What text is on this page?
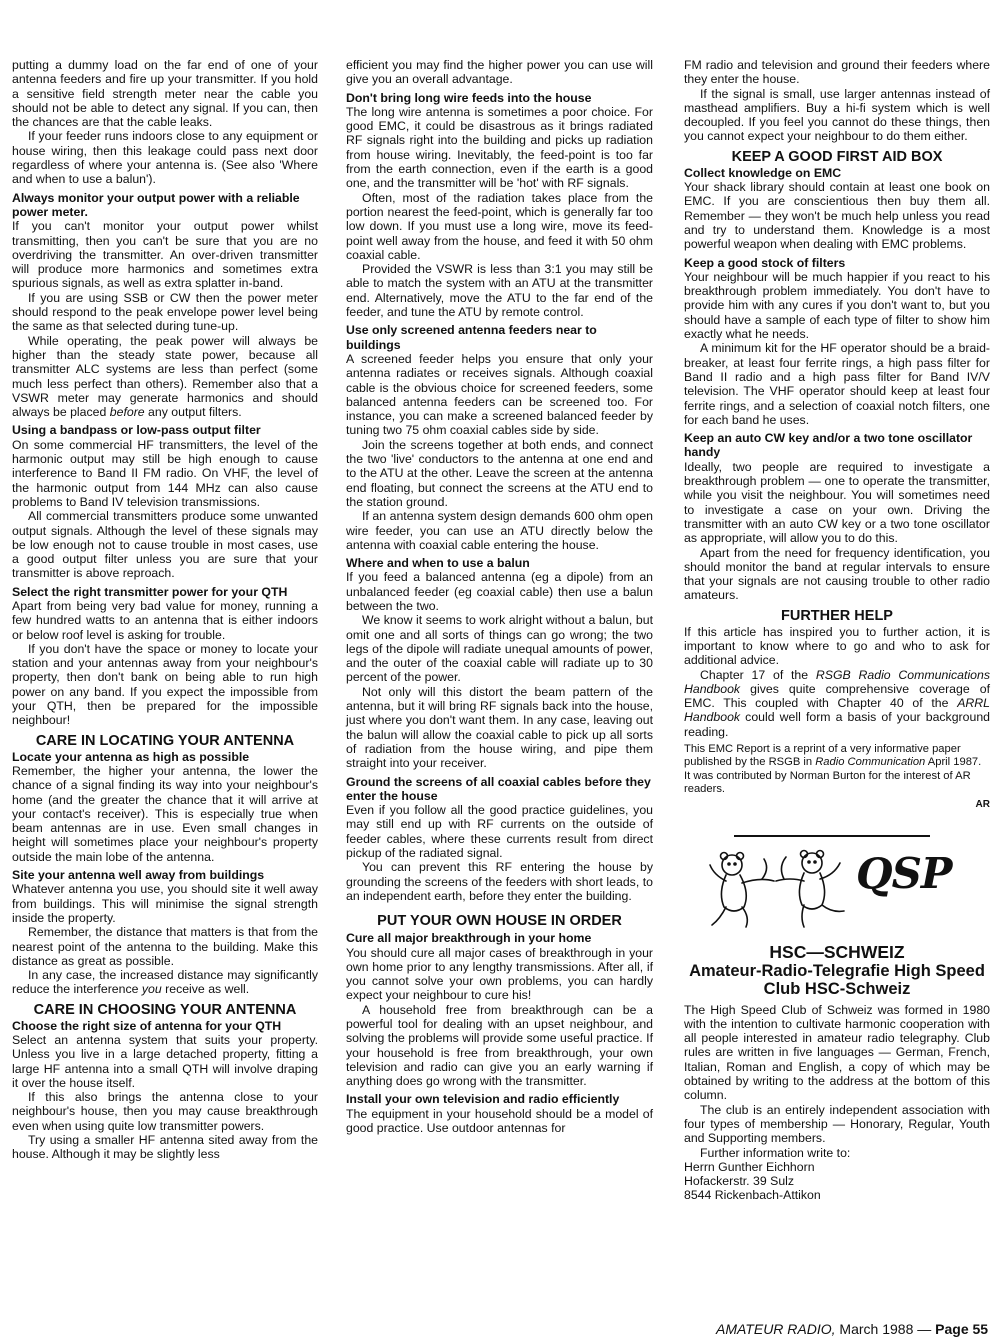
putting a dummy load on the far end of one of your antenna feeders and fire up your transmitter. If you hold a sensitive field strength meter near the cable you should not be able to detect any signal. If you can, then the chances are that the cable leaks.

If your feeder runs indoors close to any equipment or house wiring, then this leakage could pass next door regardless of where your antenna is. (See also 'Where and when to use a balun').

Always monitor your output power with a reliable power meter.

If you can't monitor your output power whilst transmitting, then you can't be sure that you are no overdriving the transmitter. An over-driven transmitter will produce more harmonics and sometimes extra spurious signals, as well as extra splatter in-band.

If you are using SSB or CW then the power meter should respond to the peak envelope power level being the same as that selected during tune-up.

While operating, the peak power will always be higher than the steady state power, because all transmitter ALC systems are less than perfect (some much less perfect than others). Remember also that a VSWR meter may generate harmonics and should always be placed before any output filters.

Using a bandpass or low-pass output filter

On some commercial HF transmitters, the level of the harmonic output may still be high enough to cause interference to Band II FM radio. On VHF, the level of the harmonic output from 144 MHz can also cause problems to Band IV television transmissions.

All commercial transmitters produce some unwanted output signals. Although the level of these signals may be low enough not to cause trouble in most cases, use a good output filter unless you are sure that your transmitter is above reproach.

Select the right transmitter power for your QTH

Apart from being very bad value for money, running a few hundred watts to an antenna that is either indoors or below roof level is asking for trouble.

If you don't have the space or money to locate your station and your antennas away from your neighbour's property, then don't bank on being able to run high power on any band. If you expect the impossible from your QTH, then be prepared for the impossible neighbour!

CARE IN LOCATING YOUR ANTENNA
Locate your antenna as high as possible

Remember, the higher your antenna, the lower the chance of a signal finding its way into your neighbour's home (and the greater the chance that it will arrive at your contact's receiver). This is especially true when beam antennas are in use. Even small changes in height will sometimes place your neighbour's property outside the main lobe of the antenna.

Site your antenna well away from buildings

Whatever antenna you use, you should site it well away from buildings. This will minimise the signal strength inside the property.

Remember, the distance that matters is that from the nearest point of the antenna to the building. Make this distance as great as possible.

In any case, the increased distance may significantly reduce the interference you receive as well.

CARE IN CHOOSING YOUR ANTENNA
Choose the right size of antenna for your QTH

Select an antenna system that suits your property. Unless you live in a large detached property, fitting a large HF antenna into a small QTH will involve draping it over the house itself.

If this also brings the antenna close to your neighbour's house, then you may cause breakthrough even when using quite low transmitter powers.

Try using a smaller HF antenna sited away from the house. Although it may be slightly less

efficient you may find the higher power you can use will give you an overall advantage.

Don't bring long wire feeds into the house

The long wire antenna is sometimes a poor choice. For good EMC, it could be disastrous as it brings radiated RF signals right into the building and picks up radiation from house wiring. Inevitably, the feed-point is too far from the earth connection, even if the earth is a good one, and the transmitter will be 'hot' with RF signals.

Often, most of the radiation takes place from the portion nearest the feed-point, which is generally far too low down. If you must use a long wire, move its feed-point well away from the house, and feed it with 50 ohm coaxial cable.

Provided the VSWR is less than 3:1 you may still be able to match the system with an ATU at the transmitter end. Alternatively, move the ATU to the far end of the feeder, and tune the ATU by remote control.

Use only screened antenna feeders near to buildings

A screened feeder helps you ensure that only your antenna radiates or receives signals. Although coaxial cable is the obvious choice for screened feeders, some balanced antenna feeders can be screened too. For instance, you can make a screened balanced feeder by tuning two 75 ohm coaxial cables side by side.

Join the screens together at both ends, and connect the two 'live' conductors to the antenna at one end and to the ATU at the other. Leave the screen at the antenna end floating, but connect the screens at the ATU end to the station ground.

If an antenna system design demands 600 ohm open wire feeder, you can use an ATU directly below the antenna with coaxial cable entering the house.

Where and when to use a balun

If you feed a balanced antenna (eg a dipole) from an unbalanced feeder (eg coaxial cable) then use a balun between the two.

We know it seems to work alright without a balun, but omit one and all sorts of things can go wrong; the two legs of the dipole will radiate unequal amounts of power, and the outer of the coaxial cable will radiate up to 30 percent of the power.

Not only will this distort the beam pattern of the antenna, but it will bring RF signals back into the house, just where you don't want them. In any case, leaving out the balun will allow the coaxial cable to pick up all sorts of radiation from the house wiring, and pipe them straight into your receiver.

Ground the screens of all coaxial cables before they enter the house

Even if you follow all the good practice guidelines, you may still end up with RF currents on the outside of feeder cables, where these currents result from direct pickup of the radiated signal.

You can prevent this RF entering the house by grounding the screens of the feeders with short leads, to an independent earth, before they enter the building.

PUT YOUR OWN HOUSE IN ORDER
Cure all major breakthrough in your home

You should cure all major cases of breakthrough in your own home prior to any lengthy transmissions. After all, if you cannot solve your own problems, you can hardly expect your neighbour to cure his!

A household free from breakthrough can be a powerful tool for dealing with an upset neighbour, and solving the problems will provide some useful practice. If your household is free from breakthrough, your own television and radio can give you an early warning if anything does go wrong with the transmitter.

Install your own television and radio efficiently

The equipment in your household should be a model of good practice. Use outdoor antennas for

FM radio and television and ground their feeders where they enter the house.

If the signal is small, use larger antennas instead of masthead amplifiers. Buy a hi-fi system which is well decoupled. If you feel you cannot do these things, then you cannot expect your neighbour to do them either.

KEEP A GOOD FIRST AID BOX
Collect knowledge on EMC

Your shack library should contain at least one book on EMC. If you are conscientious then buy them all. Remember — they won't be much help unless you read and try to understand them. Knowledge is a most powerful weapon when dealing with EMC problems.

Keep a good stock of filters

Your neighbour will be much happier if you react to his breakthrough problem immediately. You don't have to provide him with any cures if you don't want to, but you should have a sample of each type of filter to show him exactly what he needs.

A minimum kit for the HF operator should be a braid-breaker, at least four ferrite rings, a high pass filter for Band II radio and a high pass filter for Band IV/V television. The VHF operator should keep at least four ferrite rings, and a selection of coaxial notch filters, one for each band he uses.

Keep an auto CW key and/or a two tone oscillator handy

Ideally, two people are required to investigate a breakthrough problem — one to operate the transmitter, while you visit the neighbour. You will sometimes need to investigate a case on your own. Driving the transmitter with an auto CW key or a two tone oscillator as appropriate, will allow you to do this.

Apart from the need for frequency identification, you should monitor the band at regular intervals to ensure that your signals are not causing trouble to other radio amateurs.

FURTHER HELP

If this article has inspired you to further action, it is important to know where to go and who to ask for additional advice.

Chapter 17 of the RSGB Radio Communications Handbook gives quite comprehensive coverage of EMC. This coupled with Chapter 40 of the ARRL Handbook could well form a basis of your background reading.

This EMC Report is a reprint of a very informative paper published by the RSGB in Radio Communication April 1987. It was contributed by Norman Burton for the interest of AR readers.
AR
QSP
HSC—SCHWEIZ
Amateur-Radio-Telegrafie High Speed Club HSC-Schweiz

The High Speed Club of Schweiz was formed in 1980 with the intention to cultivate harmonic cooperation with all people interested in amateur radio telegraphy. Club rules are written in five languages — German, French, Italian, Roman and English, a copy of which may be obtained by writing to the address at the bottom of this column.

The club is an entirely independent association with four types of membership — Honorary, Regular, Youth and Supporting members.

Further information write to:

Herrn Gunther Eichhorn

Hofackerstr. 39 Sulz

8544 Rickenbach-Attikon

AMATEUR RADIO, March 1988 — Page 55
